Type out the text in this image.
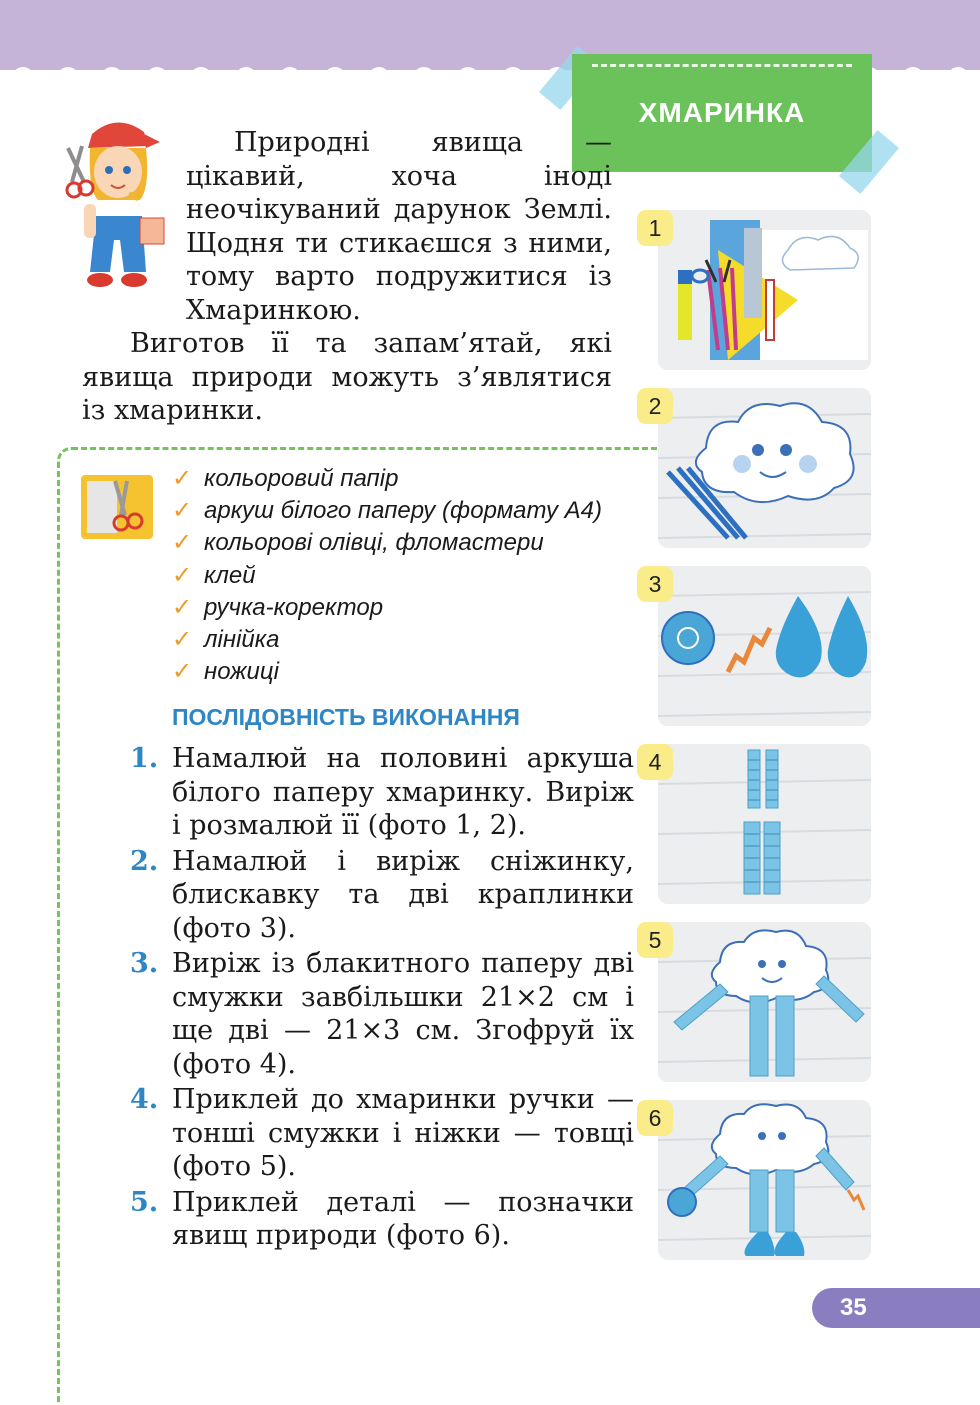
ХМАРИНКА

Природні явища — цікавий, хоча іноді неочікуваний дарунок Землі. Щодня ти стикаєшся з ними, тому варто подружитися із Хмаринкою.

Виготов її та запам’ятай, які явища природи можуть з’являтися із хмаринки.

✓ кольоровий папір
✓ аркуш білого паперу (формату А4)
✓ кольорові олівці, фломастери
✓ клей
✓ ручка-коректор
✓ лінійка
✓ ножиці
ПОСЛІДОВНІСТЬ ВИКОНАННЯ
1. Намалюй на половині аркуша білого паперу хмаринку. Виріж і розмалюй її (фото 1, 2).
2. Намалюй і виріж сніжинку, блискавку та дві краплинки (фото 3).
3. Виріж із блакитного паперу дві смужки завбільшки 21×2 см і ще дві — 21×3 см. Згофруй їх (фото 4).
4. Приклей до хмаринки ручки — тонші смужки і ніжки — товщі (фото 5).
5. Приклей деталі — позначки явищ природи (фото 6).
1
2
3
4
5
6
35
